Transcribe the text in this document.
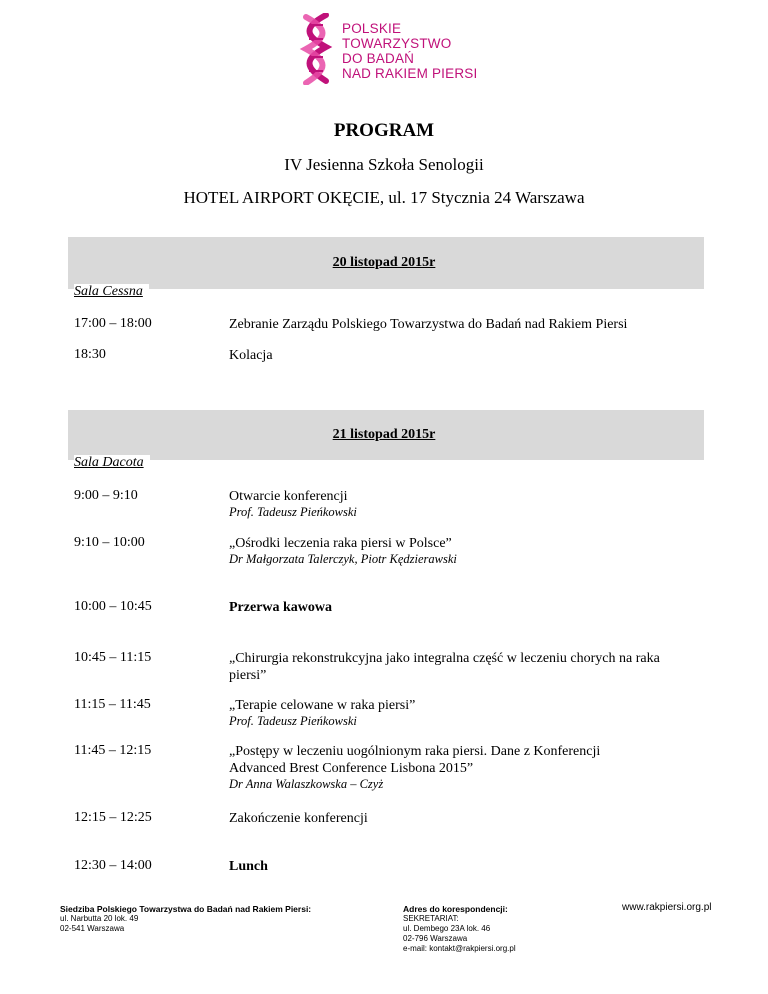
POLSKIE
TOWARZYSTWO
DO BADAŃ
NAD RAKIEM PIERSI
PROGRAM
IV Jesienna Szkoła Senologii
HOTEL AIRPORT OKĘCIE, ul. 17 Stycznia 24 Warszawa
20 listopad 2015r
Sala Cessna
17:00 – 18:00	Zebranie Zarządu Polskiego Towarzystwa do Badań nad Rakiem Piersi
18:30	Kolacja
21 listopad 2015r
Sala Dacota
9:00 – 9:10	Otwarcie konferencji
Prof. Tadeusz Pieńkowski
9:10 – 10:00	„Ośrodki leczenia raka piersi w Polsce”
Dr Małgorzata Talerczyk, Piotr Kędzierawski
10:00 – 10:45	Przerwa kawowa
10:45 – 11:15	„Chirurgia rekonstrukcyjna jako integralna część w leczeniu chorych na raka piersi”
11:15 – 11:45	„Terapie celowane w raka piersi”
Prof. Tadeusz Pieńkowski
11:45 – 12:15	„Postępy w leczeniu uogólnionym raka piersi. Dane z Konferencji Advanced Brest Conference Lisbona 2015”
Dr Anna Walaszkowska – Czyż
12:15 – 12:25	Zakończenie konferencji
12:30 – 14:00	Lunch
Siedziba Polskiego Towarzystwa do Badań nad Rakiem Piersi:
ul. Narbutta 20 lok. 49
02-541 Warszawa
Adres do korespondencji:
SEKRETARIAT:
ul. Dembego 23A lok. 46
02-796 Warszawa
e-mail: kontakt@rakpiersi.org.pl
www.rakpiersi.org.pl
